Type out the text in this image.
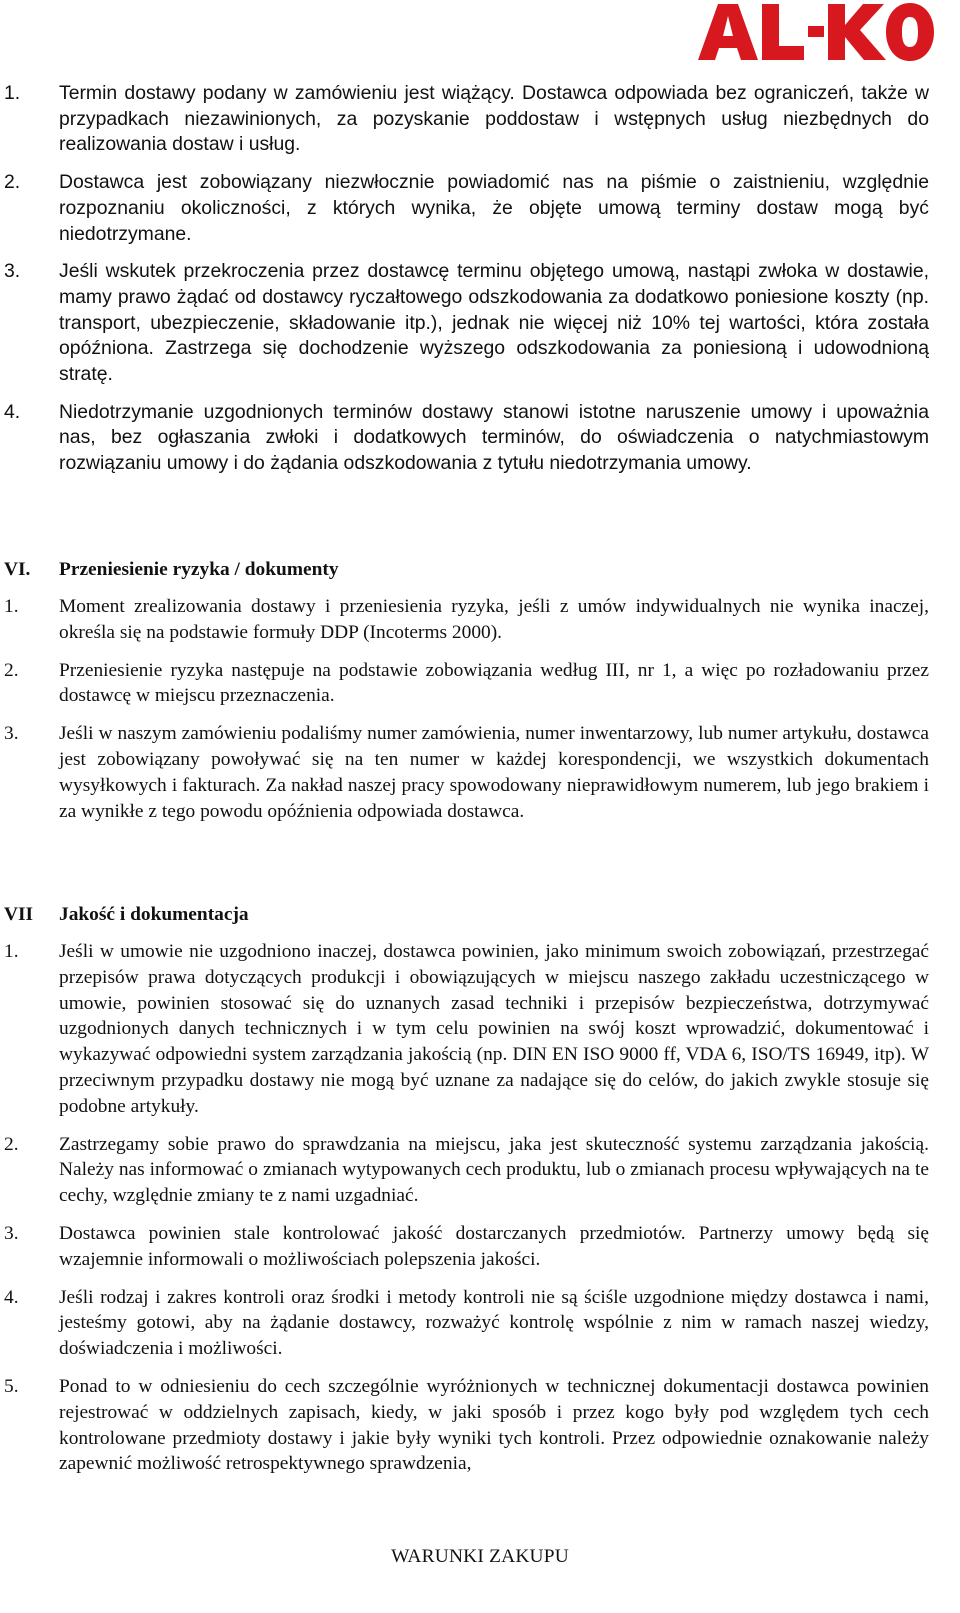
1. Termin dostawy podany w zamówieniu jest wiążący. Dostawca odpowiada bez ograniczeń, także w przypadkach niezawinionych, za pozyskanie poddostaw i wstępnych usług niezbędnych do realizowania dostaw i usług.

2. Dostawca jest zobowiązany niezwłocznie powiadomić nas na piśmie o zaistnieniu, względnie rozpoznaniu okoliczności, z których wynika, że objęte umową terminy dostaw mogą być niedotrzymane.

3. Jeśli wskutek przekroczenia przez dostawcę terminu objętego umową, nastąpi zwłoka w dostawie, mamy prawo żądać od dostawcy ryczałtowego odszkodowania za dodatkowo poniesione koszty (np. transport, ubezpieczenie, składowanie itp.), jednak nie więcej niż 10% tej wartości, która została opóźniona. Zastrzega się dochodzenie wyższego odszkodowania za poniesioną i udowodnioną stratę.

4. Niedotrzymanie uzgodnionych terminów dostawy stanowi istotne naruszenie umowy i upoważnia nas, bez ogłaszania zwłoki i dodatkowych terminów, do oświadczenia o natychmiastowym rozwiązaniu umowy i do żądania odszkodowania z tytułu niedotrzymania umowy.

VI. Przeniesienie ryzyka / dokumenty

1. Moment zrealizowania dostawy i przeniesienia ryzyka, jeśli z umów indywidualnych nie wynika inaczej, określa się na podstawie formuły DDP (Incoterms 2000).

2. Przeniesienie ryzyka następuje na podstawie zobowiązania według III, nr 1, a więc po rozładowaniu przez dostawcę w miejscu przeznaczenia.

3. Jeśli w naszym zamówieniu podaliśmy numer zamówienia, numer inwentarzowy, lub numer artykułu, dostawca jest zobowiązany powoływać się na ten numer w każdej korespondencji, we wszystkich dokumentach wysyłkowych i fakturach. Za nakład naszej pracy spowodowany nieprawidłowym numerem, lub jego brakiem i za wynikłe z tego powodu opóźnienia odpowiada dostawca.

VII Jakość i dokumentacja

1. Jeśli w umowie nie uzgodniono inaczej, dostawca powinien, jako minimum swoich zobowiązań, przestrzegać przepisów prawa dotyczących produkcji i obowiązujących w miejscu naszego zakładu uczestniczącego w umowie, powinien stosować się do uznanych zasad techniki i przepisów bezpieczeństwa, dotrzymywać uzgodnionych danych technicznych i w tym celu powinien na swój koszt wprowadzić, dokumentować i wykazywać odpowiedni system zarządzania jakością (np. DIN EN ISO 9000 ff, VDA 6, ISO/TS 16949, itp). W przeciwnym przypadku dostawy nie mogą być uznane za nadające się do celów, do jakich zwykle stosuje się podobne artykuły.

2. Zastrzegamy sobie prawo do sprawdzania na miejscu, jaka jest skuteczność systemu zarządzania jakością. Należy nas informować o zmianach wytypowanych cech produktu, lub o zmianach procesu wpływających na te cechy, względnie zmiany te z nami uzgadniać.

3. Dostawca powinien stale kontrolować jakość dostarczanych przedmiotów. Partnerzy umowy będą się wzajemnie informowali o możliwościach polepszenia jakości.

4. Jeśli rodzaj i zakres kontroli oraz środki i metody kontroli nie są ściśle uzgodnione między dostawca i nami, jesteśmy gotowi, aby na żądanie dostawcy, rozważyć kontrolę wspólnie z nim w ramach naszej wiedzy, doświadczenia i możliwości.

5. Ponad to w odniesieniu do cech szczególnie wyróżnionych w technicznej dokumentacji dostawca powinien rejestrować w oddzielnych zapisach, kiedy, w jaki sposób i przez kogo były pod względem tych cech kontrolowane przedmioty dostawy i jakie były wyniki tych kontroli. Przez odpowiednie oznakowanie należy zapewnić możliwość retrospektywnego sprawdzenia,

WARUNKI ZAKUPU
